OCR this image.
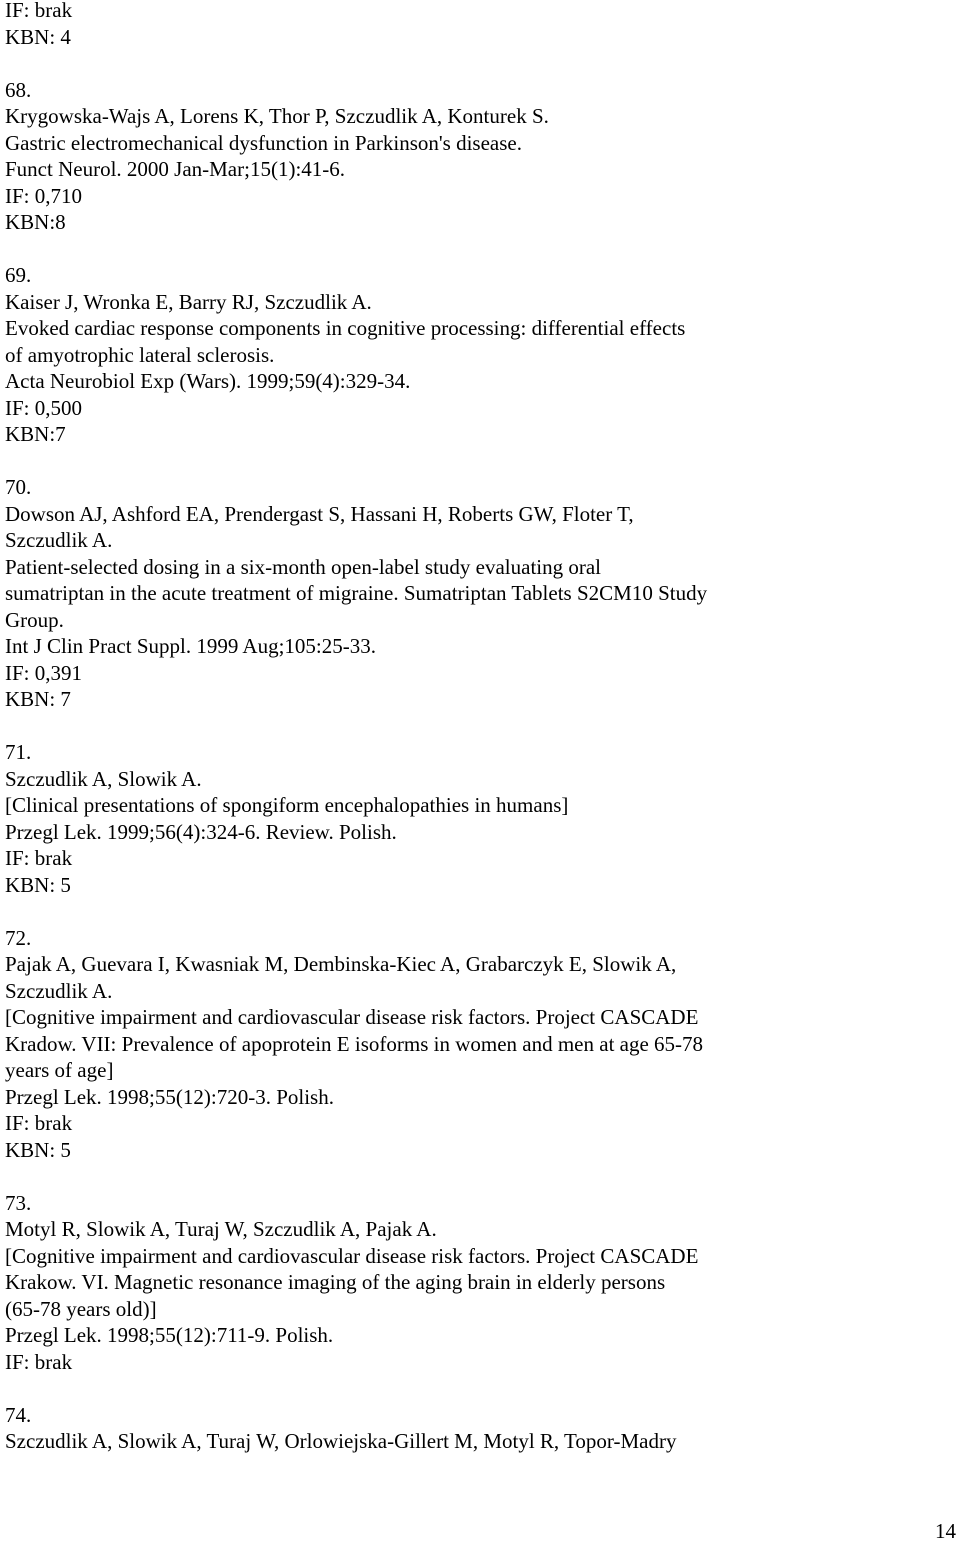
IF: brak
KBN: 4
68.
Krygowska-Wajs A, Lorens K, Thor P, Szczudlik A, Konturek S.
Gastric electromechanical dysfunction in Parkinson's disease.
Funct Neurol. 2000 Jan-Mar;15(1):41-6.
IF: 0,710
KBN:8
69.
Kaiser J, Wronka E, Barry RJ, Szczudlik A.
Evoked cardiac response components in cognitive processing: differential effects
of amyotrophic lateral sclerosis.
Acta Neurobiol Exp (Wars). 1999;59(4):329-34.
IF: 0,500
KBN:7
70.
Dowson AJ, Ashford EA, Prendergast S, Hassani H, Roberts GW, Floter T,
Szczudlik A.
Patient-selected dosing in a six-month open-label study evaluating oral
sumatriptan in the acute treatment of migraine. Sumatriptan Tablets S2CM10 Study
Group.
Int J Clin Pract Suppl. 1999 Aug;105:25-33.
IF: 0,391
KBN: 7
71.
Szczudlik A, Slowik A.
[Clinical presentations of spongiform encephalopathies in humans]
Przegl Lek. 1999;56(4):324-6. Review. Polish.
IF: brak
KBN: 5
72.
Pajak A, Guevara I, Kwasniak M, Dembinska-Kiec A, Grabarczyk E, Slowik A,
Szczudlik A.
[Cognitive impairment and cardiovascular disease risk factors. Project CASCADE
Kradow. VII: Prevalence of apoprotein E isoforms in women and men at age 65-78
years of age]
Przegl Lek. 1998;55(12):720-3. Polish.
IF: brak
KBN: 5
73.
Motyl R, Slowik A, Turaj W, Szczudlik A, Pajak A.
[Cognitive impairment and cardiovascular disease risk factors. Project CASCADE
Krakow. VI. Magnetic resonance imaging of the aging brain in elderly persons
(65-78 years old)]
Przegl Lek. 1998;55(12):711-9. Polish.
IF: brak
74.
Szczudlik A, Slowik A, Turaj W, Orlowiejska-Gillert M, Motyl R, Topor-Madry
14
